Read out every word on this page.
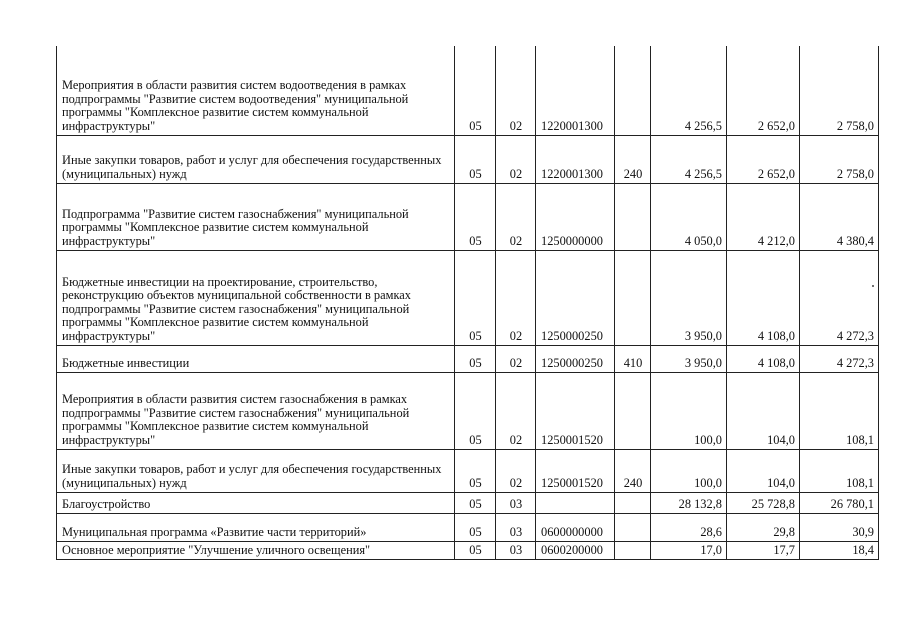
Мероприятия в области развития систем водоотведения в рамках подпрограммы "Развитие систем водоотведения" муниципальной программы "Комплексное развитие систем коммунальной инфраструктуры"	05	02	1220001300		4 256,5	2 652,0	2 758,0
Иные закупки товаров, работ и услуг для обеспечения государственных (муниципальных) нужд	05	02	1220001300	240	4 256,5	2 652,0	2 758,0
Подпрограмма "Развитие систем газоснабжения" муниципальной программы "Комплексное развитие систем коммунальной инфраструктуры"	05	02	1250000000		4 050,0	4 212,0	4 380,4
Бюджетные инвестиции на проектирование, строительство, реконструкцию объектов муниципальной собственности в рамках подпрограммы "Развитие систем газоснабжения" муниципальной программы "Комплексное развитие систем коммунальной инфраструктуры"	05	02	1250000250		3 950,0	4 108,0	4 272,3
Бюджетные инвестиции	05	02	1250000250	410	3 950,0	4 108,0	4 272,3
Мероприятия в области развития систем газоснабжения в рамках подпрограммы "Развитие систем газоснабжения" муниципальной программы "Комплексное развитие систем коммунальной инфраструктуры"	05	02	1250001520		100,0	104,0	108,1
Иные закупки товаров, работ и услуг для обеспечения государственных (муниципальных) нужд	05	02	1250001520	240	100,0	104,0	108,1
Благоустройство	05	03			28 132,8	25 728,8	26 780,1
Муниципальная программа «Развитие части территорий»	05	03	0600000000		28,6	29,8	30,9
Основное мероприятие "Улучшение уличного освещения"	05	03	0600200000		17,0	17,7	18,4
